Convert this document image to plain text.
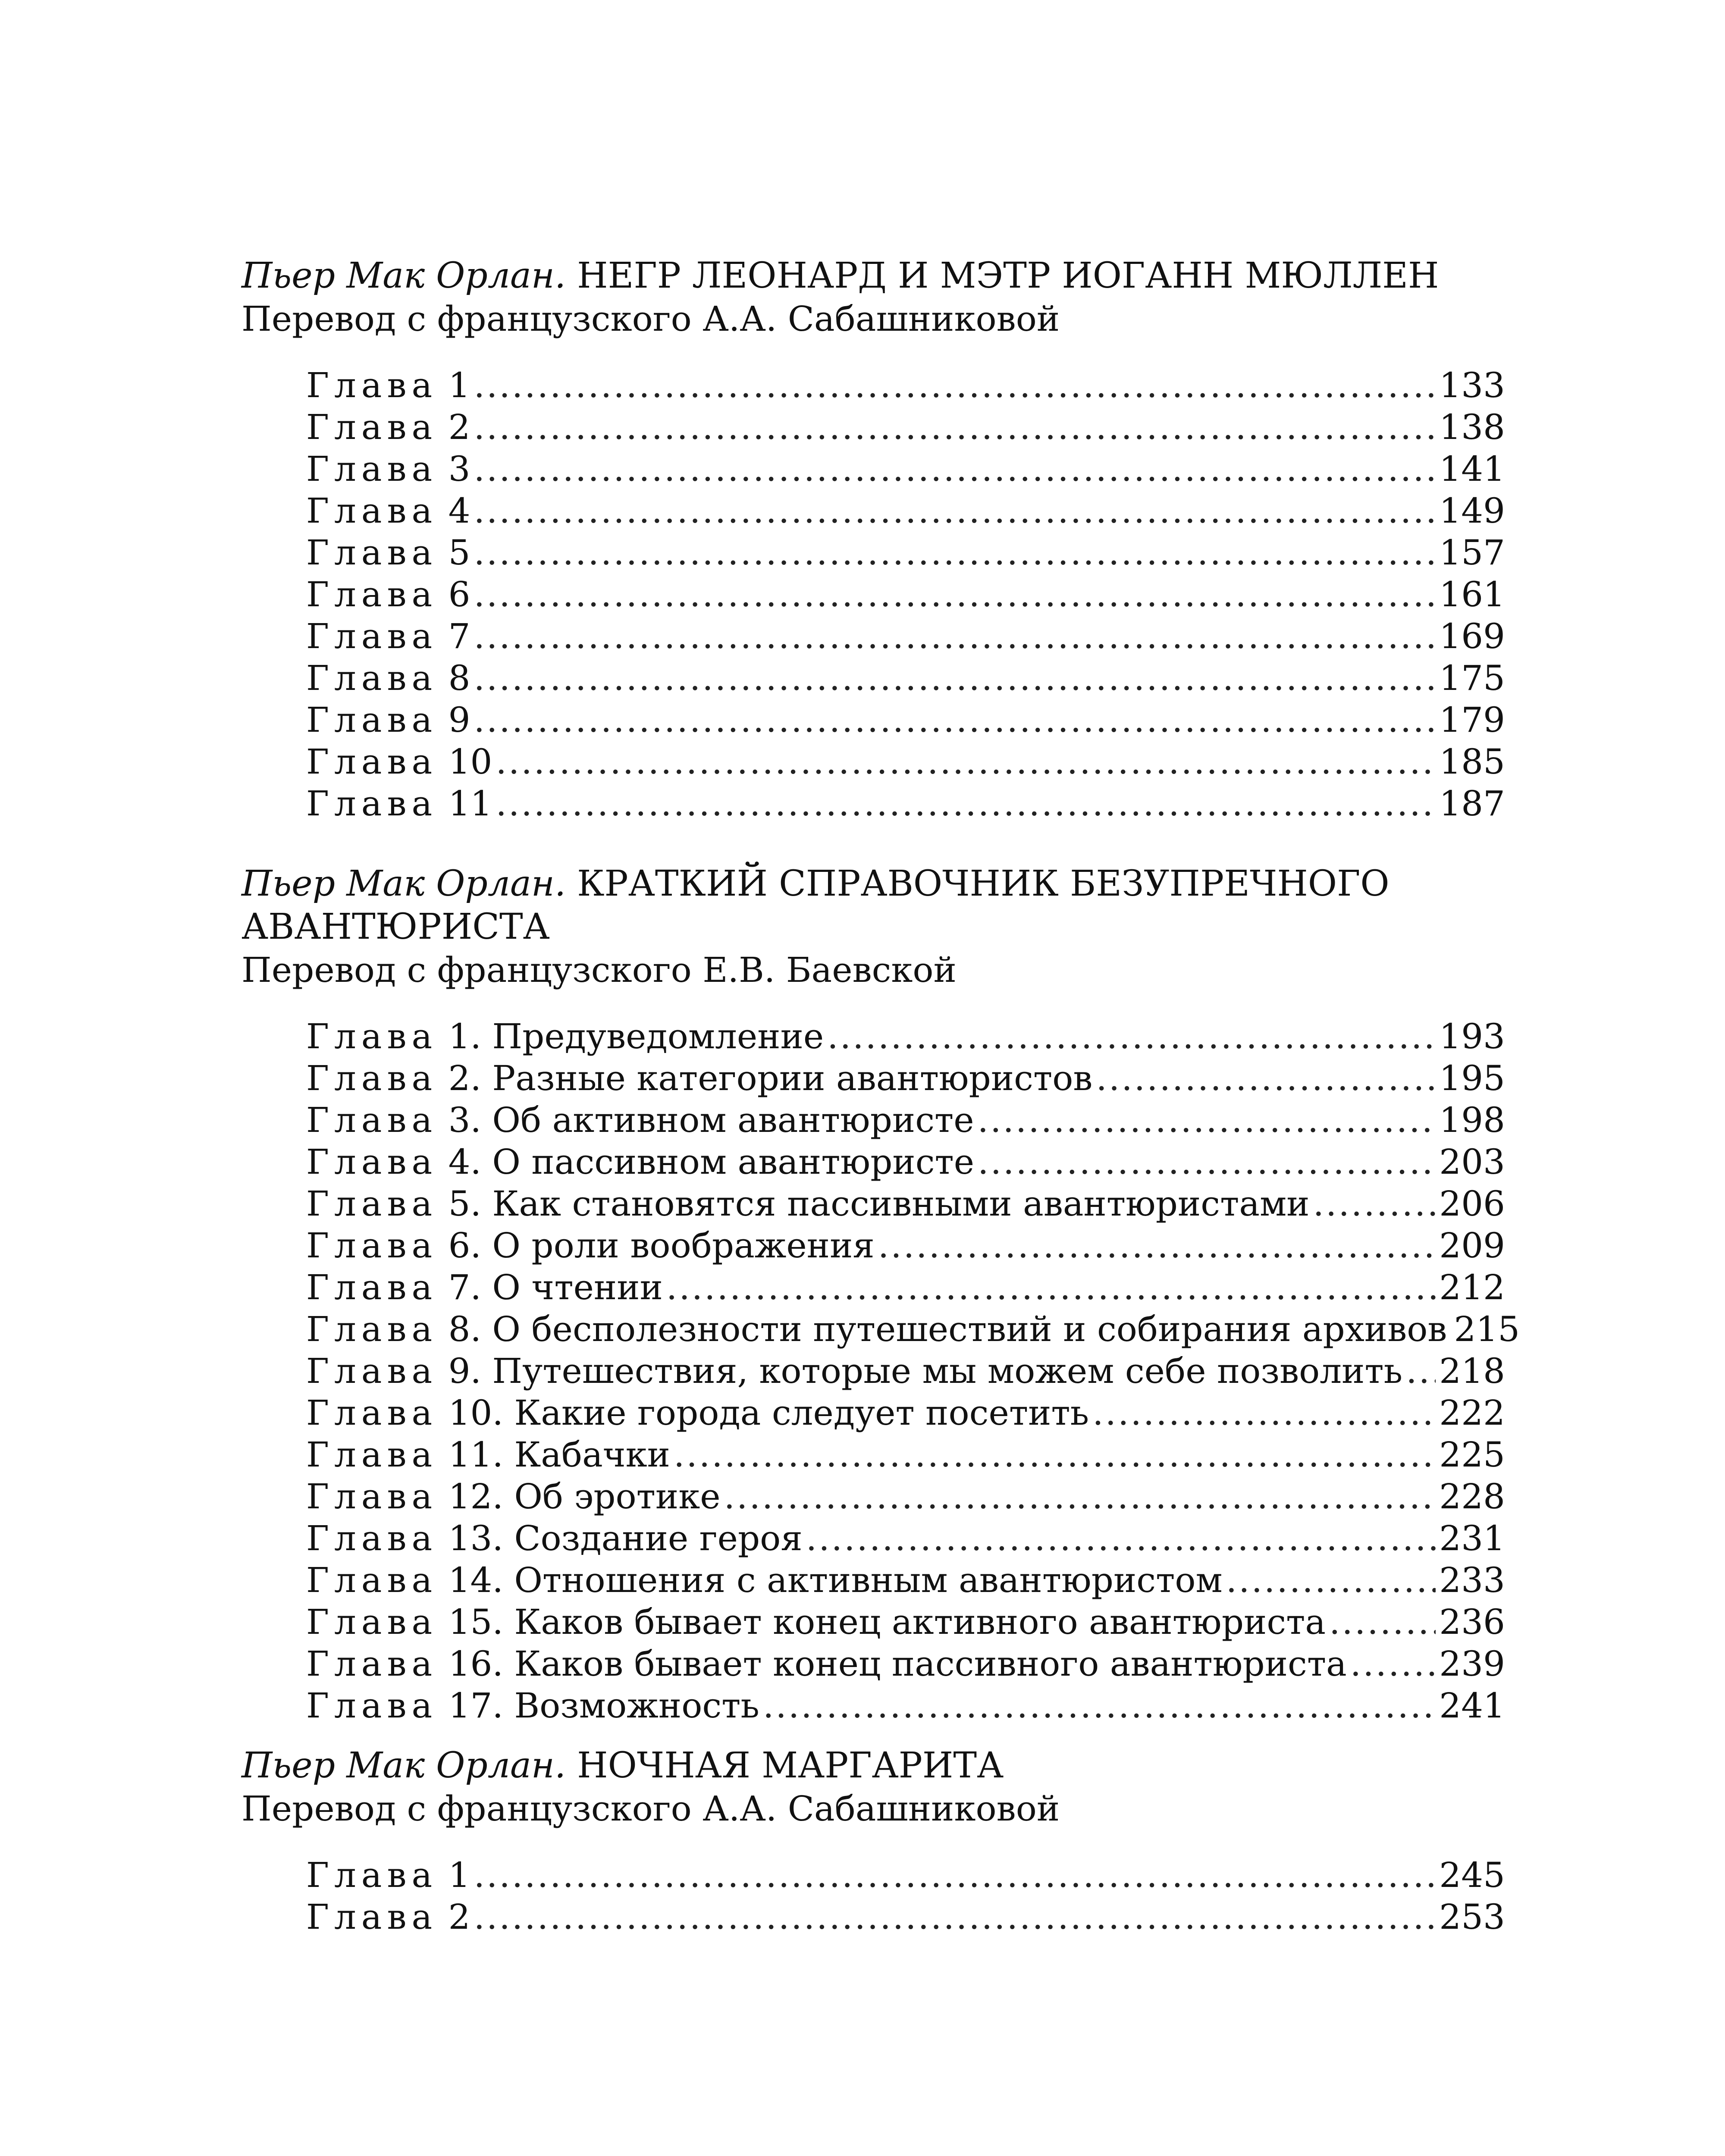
Пьер Мак Орлан. НЕГР ЛЕОНАРД И МЭТР ИОГАНН МЮЛЛЕН

Перевод с французского А.А. Сабашниковой

Глава 1 .....	133
Глава 2 .....	138
Глава 3 .....	141
Глава 4 .....	149
Глава 5 .....	157
Глава 6 .....	161
Глава 7 .....	169
Глава 8 .....	175
Глава 9 .....	179
Глава 10 .....	185
Глава 11 .....	187

Пьер Мак Орлан. КРАТКИЙ СПРАВОЧНИК БЕЗУПРЕЧНОГО АВАНТЮРИСТА

Перевод с французского Е.В. Баевской

Глава 1. Предуведомление .....	193
Глава 2. Разные категории авантюристов .....	195
Глава 3. Об активном авантюристе .....	198
Глава 4. О пассивном авантюристе .....	203
Глава 5. Как становятся пассивными авантюристами .....	206
Глава 6. О роли воображения .....	209
Глава 7. О чтении .....	212
Глава 8. О бесполезности путешествий и собирания архивов 215
Глава 9. Путешествия, которые мы можем себе позволить ..... 218
Глава 10. Какие города следует посетить .....	222
Глава 11. Кабачки .....	225
Глава 12. Об эротике .....	228
Глава 13. Создание героя .....	231
Глава 14. Отношения с активным авантюристом .....	233
Глава 15. Каков бывает конец активного авантюриста .....	236
Глава 16. Каков бывает конец пассивного авантюриста .....	239
Глава 17. Возможность .....	241

Пьер Мак Орлан. НОЧНАЯ МАРГАРИТА

Перевод с французского А.А. Сабашниковой

Глава 1 .....	245
Глава 2 .....	253
